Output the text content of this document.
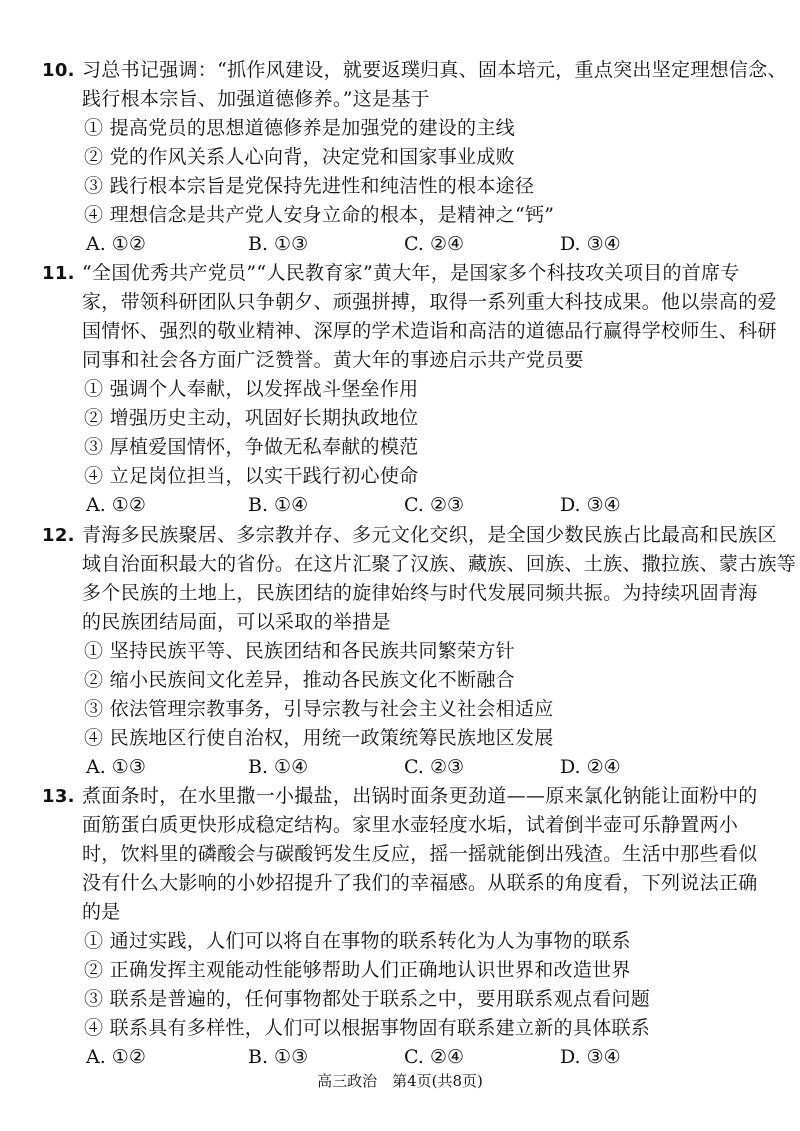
10. 习总书记强调：“抓作风建设，就要返璞归真、固本培元，重点突出坚定理想信念、
践行根本宗旨、加强道德修养。”这是基于
① 提高党员的思想道德修养是加强党的建设的主线
② 党的作风关系人心向背，决定党和国家事业成败
③ 践行根本宗旨是党保持先进性和纯洁性的根本途径
④ 理想信念是共产党人安身立命的根本，是精神之“钙”
A. ①②	B. ①③	C. ②④	D. ③④
11. “全国优秀共产党员”“人民教育家”黄大年，是国家多个科技攻关项目的首席专
家，带领科研团队只争朝夕、顽强拼搏，取得一系列重大科技成果。他以崇高的爱
国情怀、强烈的敬业精神、深厚的学术造诣和高洁的道德品行赢得学校师生、科研
同事和社会各方面广泛赞誉。黄大年的事迹启示共产党员要
① 强调个人奉献，以发挥战斗堡垒作用
② 增强历史主动，巩固好长期执政地位
③ 厚植爱国情怀，争做无私奉献的模范
④ 立足岗位担当，以实干践行初心使命
A. ①②	B. ①④	C. ②③	D. ③④
12. 青海多民族聚居、多宗教并存、多元文化交织，是全国少数民族占比最高和民族区
域自治面积最大的省份。在这片汇聚了汉族、藏族、回族、土族、撒拉族、蒙古族等
多个民族的土地上，民族团结的旋律始终与时代发展同频共振。为持续巩固青海
的民族团结局面，可以采取的举措是
① 坚持民族平等、民族团结和各民族共同繁荣方针
② 缩小民族间文化差异，推动各民族文化不断融合
③ 依法管理宗教事务，引导宗教与社会主义社会相适应
④ 民族地区行使自治权，用统一政策统筹民族地区发展
A. ①③	B. ①④	C. ②③	D. ②④
13. 煮面条时，在水里撒一小撮盐，出锅时面条更劲道——原来氯化钠能让面粉中的
面筋蛋白质更快形成稳定结构。家里水壶轻度水垢，试着倒半壶可乐静置两小
时，饮料里的磷酸会与碳酸钙发生反应，摇一摇就能倒出残渣。生活中那些看似
没有什么大影响的小妙招提升了我们的幸福感。从联系的角度看，下列说法正确
的是
① 通过实践，人们可以将自在事物的联系转化为人为事物的联系
② 正确发挥主观能动性能够帮助人们正确地认识世界和改造世界
③ 联系是普遍的，任何事物都处于联系之中，要用联系观点看问题
④ 联系具有多样性，人们可以根据事物固有联系建立新的具体联系
A. ①②	B. ①③	C. ②④	D. ③④
高三政治　第4页(共8页)
